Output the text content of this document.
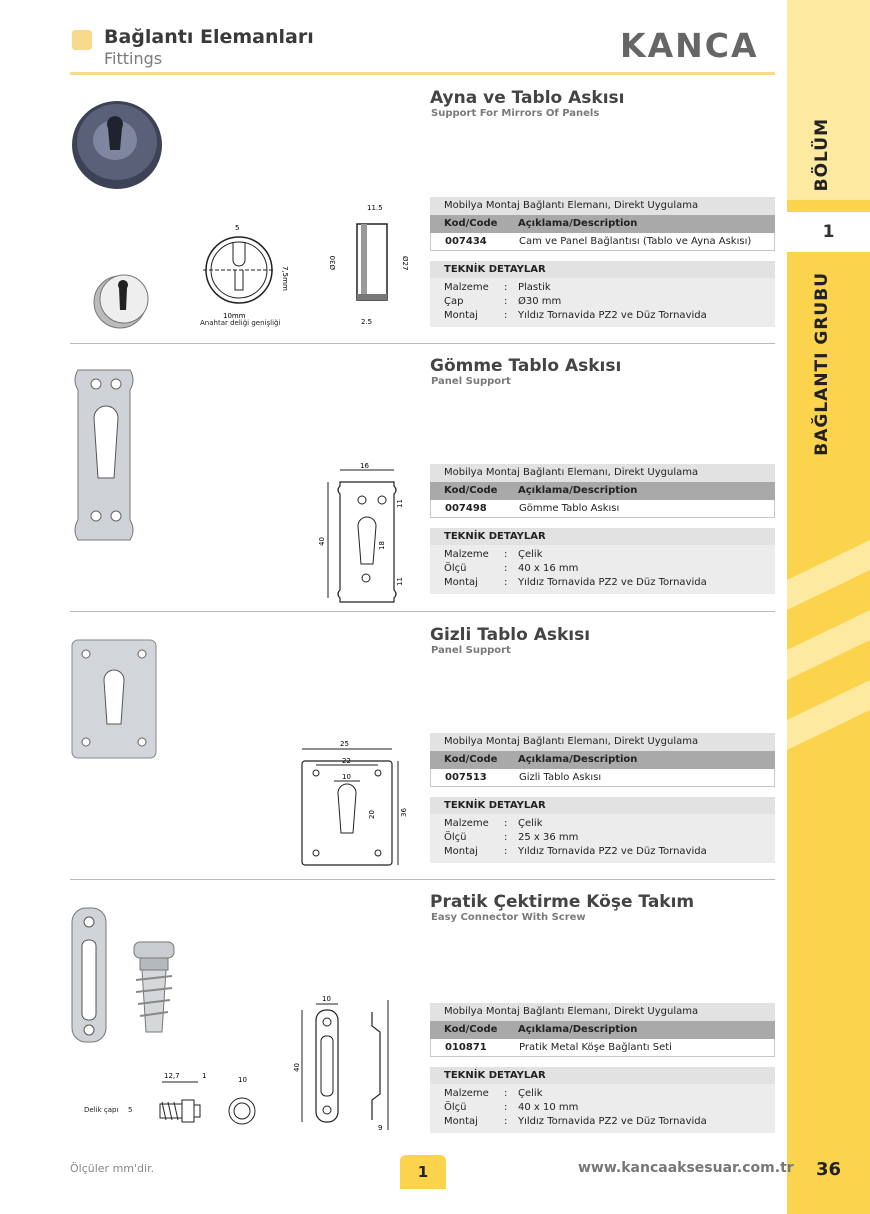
BÖLÜM
1
BAĞLANTI GRUBU
Bağlantı Elemanları
Fittings	KANCA
Ayna ve Tablo Askısı
Support For Mirrors Of Panels
5
7,5mm
10mm
Anahtar deliği genişliği
11.5
Ø30	Ø27
2.5
Mobilya Montaj Bağlantı Elemanı, Direkt Uygulama
Kod/Code	Açıklama/Description
007434	Cam ve Panel Bağlantısı (Tablo ve Ayna Askısı)
TEKNİK DETAYLAR
Malzeme	:	Plastik
Çap	:	Ø30 mm
Montaj	:	Yıldız Tornavida PZ2 ve Düz Tornavida
Gömme Tablo Askısı
Panel Support
16
40
11
18
11
Mobilya Montaj Bağlantı Elemanı, Direkt Uygulama
Kod/Code	Açıklama/Description
007498	Gömme Tablo Askısı
TEKNİK DETAYLAR
Malzeme	:	Çelik
Ölçü	:	40 x 16 mm
Montaj	:	Yıldız Tornavida PZ2 ve Düz Tornavida
Gizli Tablo Askısı
Panel Support
25
22
10
20	36
Mobilya Montaj Bağlantı Elemanı, Direkt Uygulama
Kod/Code	Açıklama/Description
007513	Gizli Tablo Askısı
TEKNİK DETAYLAR
Malzeme	:	Çelik
Ölçü	:	25 x 36 mm
Montaj	:	Yıldız Tornavida PZ2 ve Düz Tornavida
Pratik Çektirme Köşe Takım
Easy Connector With Screw
12,7	1	10
Delik çapı 5
10
40
9
Mobilya Montaj Bağlantı Elemanı, Direkt Uygulama
Kod/Code	Açıklama/Description
010871	Pratik Metal Köşe Bağlantı Seti
TEKNİK DETAYLAR
Malzeme	:	Çelik
Ölçü	:	40 x 10 mm
Montaj	:	Yıldız Tornavida PZ2 ve Düz Tornavida
Ölçüler mm'dir.	1	www.kancaaksesuar.com.tr	36
